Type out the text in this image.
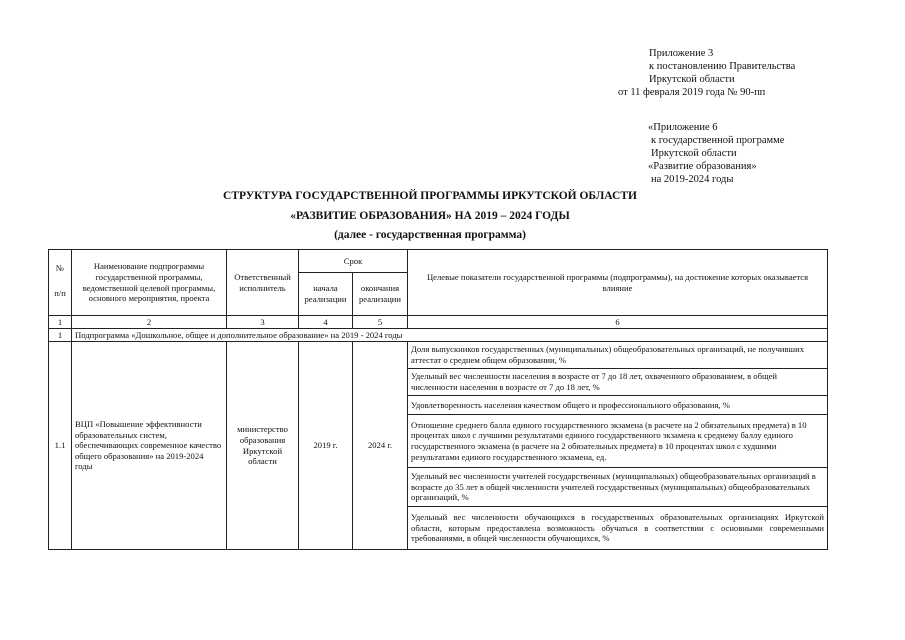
Приложение 3
к постановлению Правительства
Иркутской области
от 11 февраля 2019 года № 90-пп
«Приложение 6
к государственной программе
Иркутской области
«Развитие образования»
на 2019-2024 годы
СТРУКТУРА ГОСУДАРСТВЕННОЙ ПРОГРАММЫ ИРКУТСКОЙ ОБЛАСТИ
«РАЗВИТИЕ ОБРАЗОВАНИЯ» НА 2019 – 2024 ГОДЫ
(далее - государственная программа)
№
п/п	Наименование подпрограммы государственной программы, ведомственной целевой программы, основного мероприятия, проекта	Ответственный исполнитель	Срок		Целевые показатели государственной программы (подпрограммы), на достижение которых оказывается влияние
			начала реализации	окончания реализации	
1	2	3	4	5	6
1	Подпрограмма «Дошкольное, общее и дополнительное образование» на 2019 - 2024 годы				
1.1	ВЦП «Повышение эффективности образовательных систем, обеспечивающих современное качество общего образования» на 2019-2024 годы	министерство образования Иркутской области	2019 г.	2024 г.	Доля выпускников государственных (муниципальных) общеобразовательных организаций, не получивших аттестат о среднем общем образовании, %
					Удельный вес численности населения в возрасте от 7 до 18 лет, охваченного образованием, в общей численности населения в возрасте от 7 до 18 лет, %
					Удовлетворенность населения качеством общего и профессионального образования, %
					Отношение среднего балла единого государственного экзамена (в расчете на 2 обязательных предмета) в 10 процентах школ с лучшими результатами единого государственного экзамена к среднему баллу единого государственного экзамена (в расчете на 2 обязательных предмета) в 10 процентах школ с худшими результатами единого государственного экзамена, ед.
					Удельный вес численности учителей государственных (муниципальных) общеобразовательных организаций в возрасте до 35 лет в общей численности учителей государственных (муниципальных) общеобразовательных организаций, %
					Удельный вес численности обучающихся в государственных образовательных организациях Иркутской области, которым предоставлена возможность обучаться в соответствии с основными современными требованиями, в общей численности обучающихся, %
